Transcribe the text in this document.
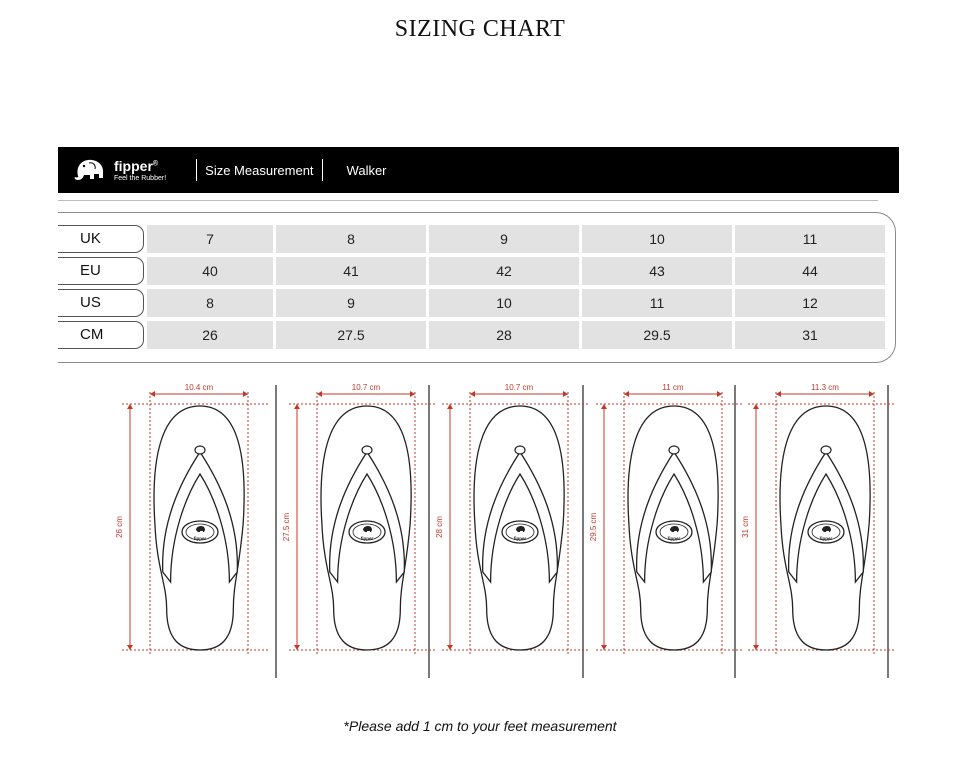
SIZING CHART
fipper®
Feel the Rubber!
Size Measurement	Walker
UK	7	8	9	10	11
EU	40	41	42	43	44
US	8	9	10	11	12
CM	26	27.5	28	29.5	31
10.4 cm
26 cm
fipper
10.7 cm
27.5 cm	fipper
10.7 cm
28 cm
fipper
11 cm
29.5 cm	fipper
11.3 cm
31 cm
fipper
*Please add 1 cm to your feet measurement
